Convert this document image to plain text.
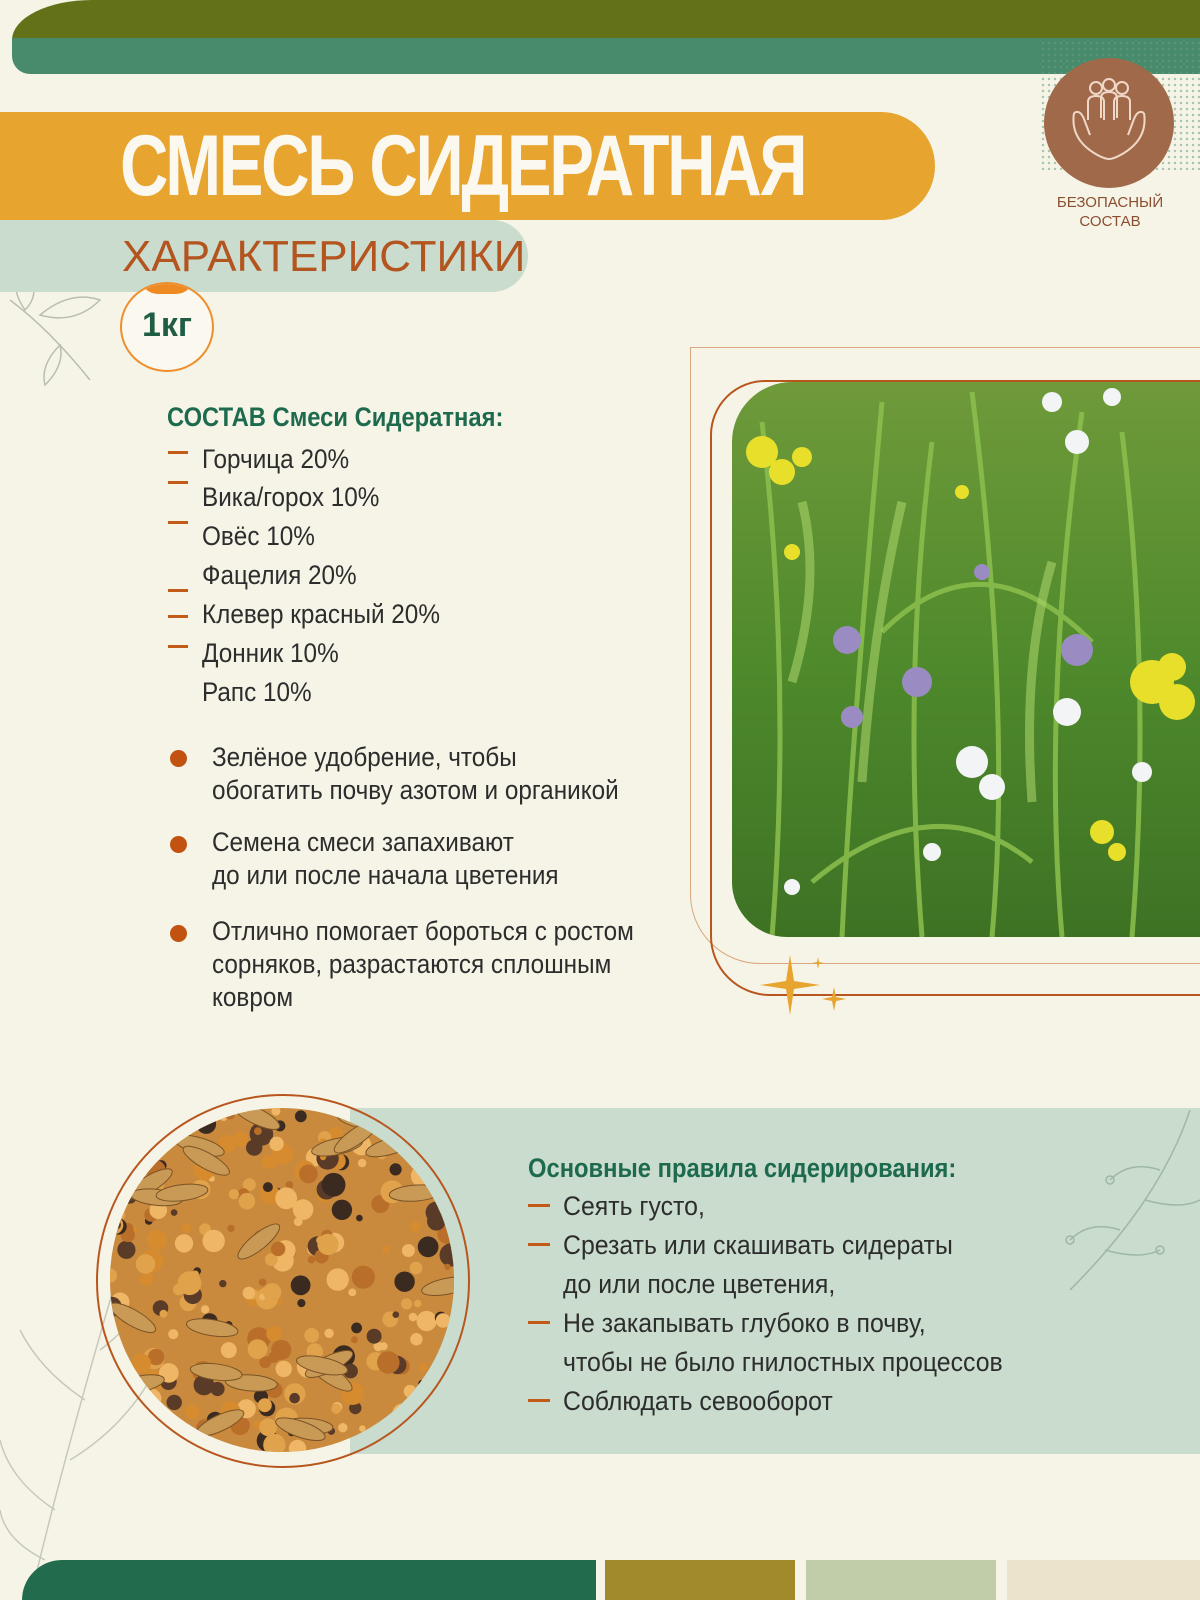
СМЕСЬ СИДЕРАТНАЯ
ХАРАКТЕРИСТИКИ
1кг
БЕЗОПАСНЫЙ
СОСТАВ
СОСТАВ Смеси Сидератная:
Горчица 20%
Вика/горох 10%
Овёс 10%
Фацелия 20%
Клевер красный 20%
Донник 10%
Рапс 10%
Зелёное удобрение, чтобы
обогатить почву азотом и органикой
Семена смеси запахивают
до или после начала цветения
Отлично помогает бороться с ростом
сорняков, разрастаются сплошным
ковром
Основные правила сидерирования:
Сеять густо,
Срезать или скашивать сидераты
до или после цветения,
Не закапывать глубоко в почву,
чтобы не было гнилостных процессов
Соблюдать севооборот
